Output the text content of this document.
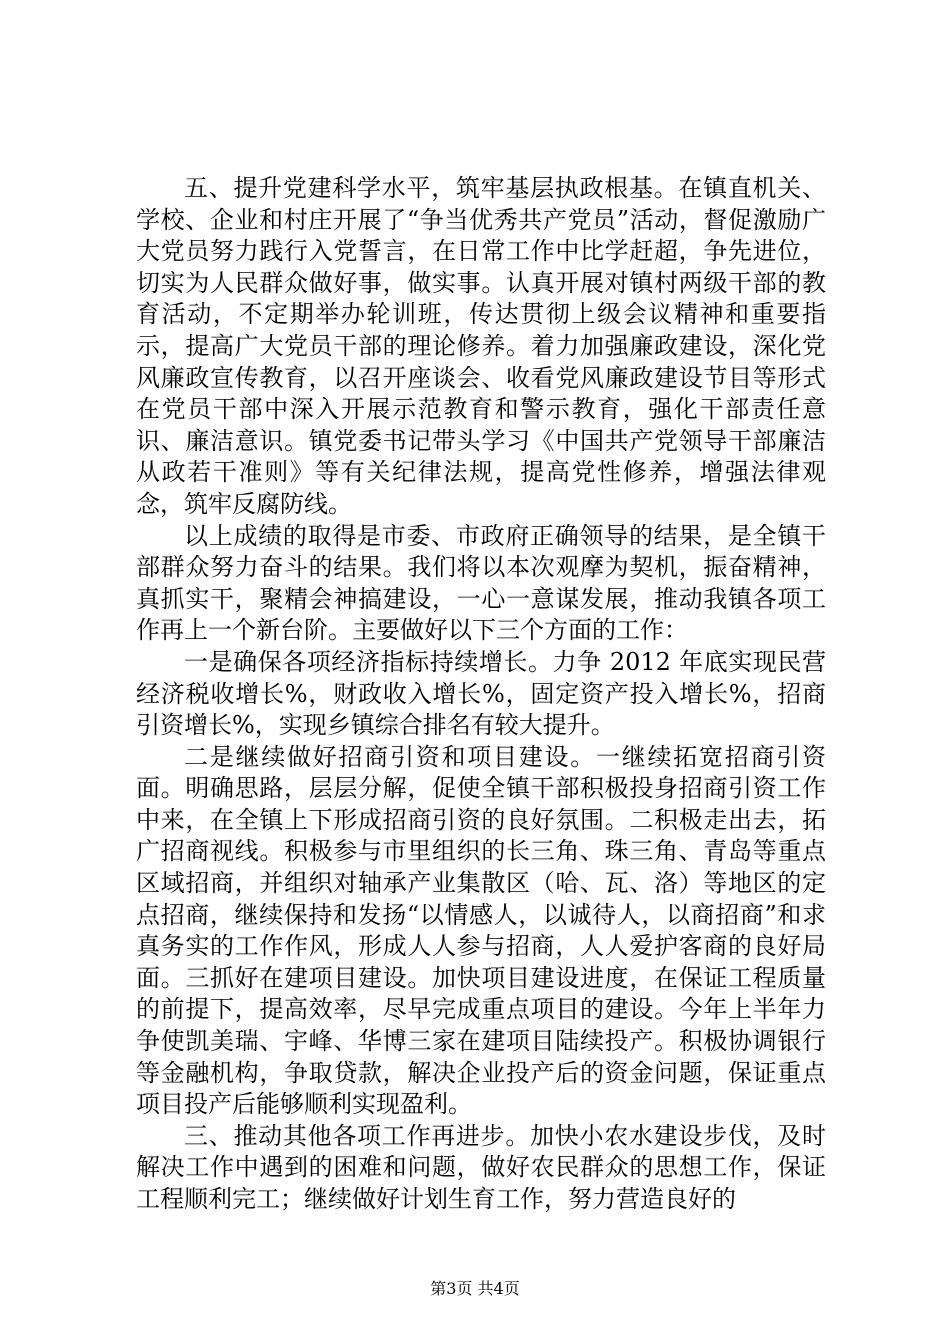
五、提升党建科学水平，筑牢基层执政根基。在镇直机关、学校、企业和村庄开展了“争当优秀共产党员”活动，督促激励广大党员努力践行入党誓言，在日常工作中比学赶超，争先进位，切实为人民群众做好事，做实事。认真开展对镇村两级干部的教育活动，不定期举办轮训班，传达贯彻上级会议精神和重要指示，提高广大党员干部的理论修养。着力加强廉政建设，深化党风廉政宣传教育，以召开座谈会、收看党风廉政建设节目等形式在党员干部中深入开展示范教育和警示教育，强化干部责任意识、廉洁意识。镇党委书记带头学习《中国共产党领导干部廉洁从政若干准则》等有关纪律法规，提高党性修养，增强法律观念，筑牢反腐防线。

以上成绩的取得是市委、市政府正确领导的结果，是全镇干部群众努力奋斗的结果。我们将以本次观摩为契机，振奋精神，真抓实干，聚精会神搞建设，一心一意谋发展，推动我镇各项工作再上一个新台阶。主要做好以下三个方面的工作：

一是确保各项经济指标持续增长。力争 2012 年底实现民营经济税收增长%，财政收入增长%，固定资产投入增长%，招商引资增长%，实现乡镇综合排名有较大提升。

二是继续做好招商引资和项目建设。一继续拓宽招商引资面。明确思路，层层分解，促使全镇干部积极投身招商引资工作中来，在全镇上下形成招商引资的良好氛围。二积极走出去，拓广招商视线。积极参与市里组织的长三角、珠三角、青岛等重点区域招商，并组织对轴承产业集散区（哈、瓦、洛）等地区的定点招商，继续保持和发扬“以情感人，以诚待人，以商招商”和求真务实的工作作风，形成人人参与招商，人人爱护客商的良好局面。三抓好在建项目建设。加快项目建设进度，在保证工程质量的前提下，提高效率，尽早完成重点项目的建设。今年上半年力争使凯美瑞、宇峰、华博三家在建项目陆续投产。积极协调银行等金融机构，争取贷款，解决企业投产后的资金问题，保证重点项目投产后能够顺利实现盈利。

三、推动其他各项工作再进步。加快小农水建设步伐，及时解决工作中遇到的困难和问题，做好农民群众的思想工作，保证工程顺利完工；继续做好计划生育工作，努力营造良好的

第3页 共4页
